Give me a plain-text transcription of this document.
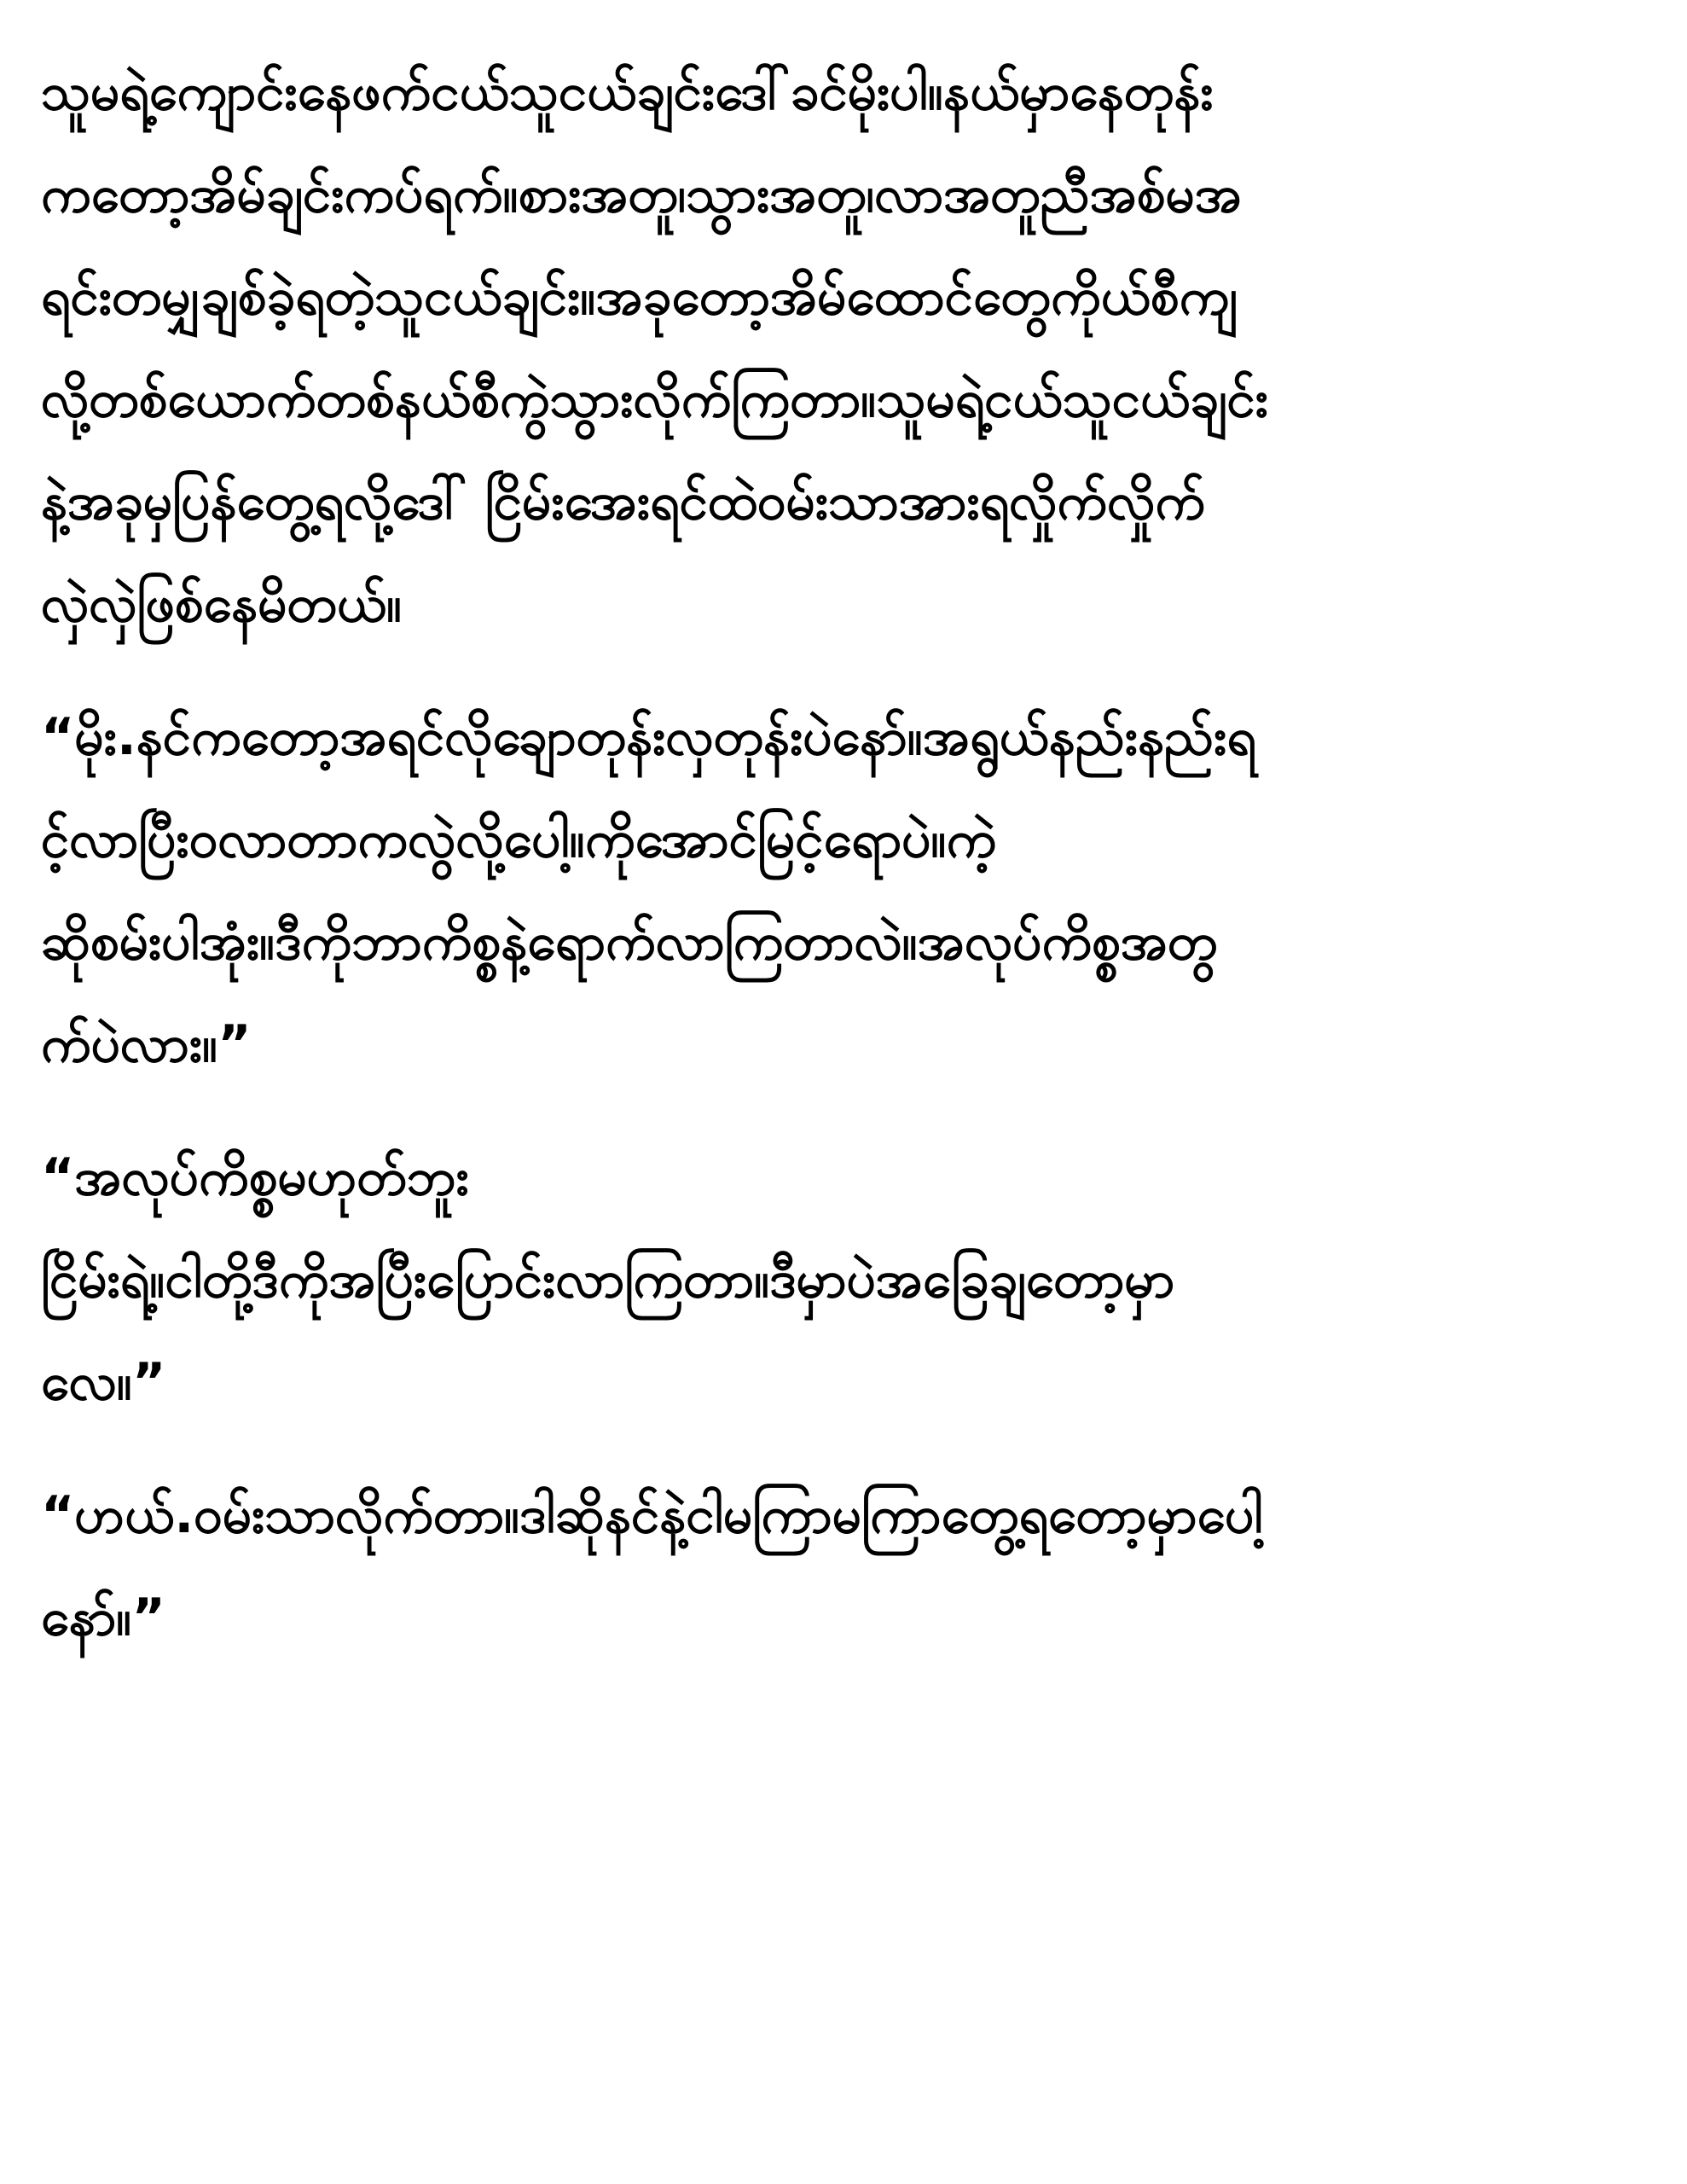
သူမရဲ့ကျောင်းနေဖက်ငယ်သူငယ်ချင်းဒေါ်ခင်မိုးပါ။နယ်မှာနေတုန်း
ကတော့အိမ်ချင်းကပ်ရက်။စားအတူ၊သွားအတူ၊လာအတူညီအစ်မအ
ရင်းတမျှချစ်ခဲ့ရတဲ့သူငယ်ချင်း။အခုတော့အိမ်ထောင်တွေကိုယ်စီကျ
လို့တစ်ယောက်တစ်နယ်စီကွဲသွားလိုက်ကြတာ။သူမရဲ့ငယ်သူငယ်ချင်း
နဲ့အခုမှပြန်တွေ့ရလို့ဒေါ် ငြိမ်းအေးရင်ထဲဝမ်းသာအားရလှိုက်လှိုက်
လှဲလှဲဖြစ်နေမိတယ်။
“မိုး.နင်ကတော့အရင်လိုချောတုန်းလှတုန်းပဲနော်။အရွယ်နည်းနည်းရ
င့်လာပြီးဝလာတာကလွဲလို့ပေါ့။ကိုအောင်မြင့်ရောပဲ။ကဲ့
ဆိုစမ်းပါအုံး။ဒီကိုဘာကိစ္စနဲ့ရောက်လာကြတာလဲ။အလုပ်ကိစ္စအတွ
က်ပဲလား။”
“အလုပ်ကိစ္စမဟုတ်ဘူး
ငြိမ်းရဲ့။ငါတို့ဒီကိုအပြီးပြောင်းလာကြတာ။ဒီမှာပဲအခြေချတော့မှာ
လေ။”
“ဟယ်.ဝမ်းသာလိုက်တာ။ဒါဆိုနင်နဲ့ငါမကြာမကြာတွေ့ရတော့မှာပေါ့
နော်။”
